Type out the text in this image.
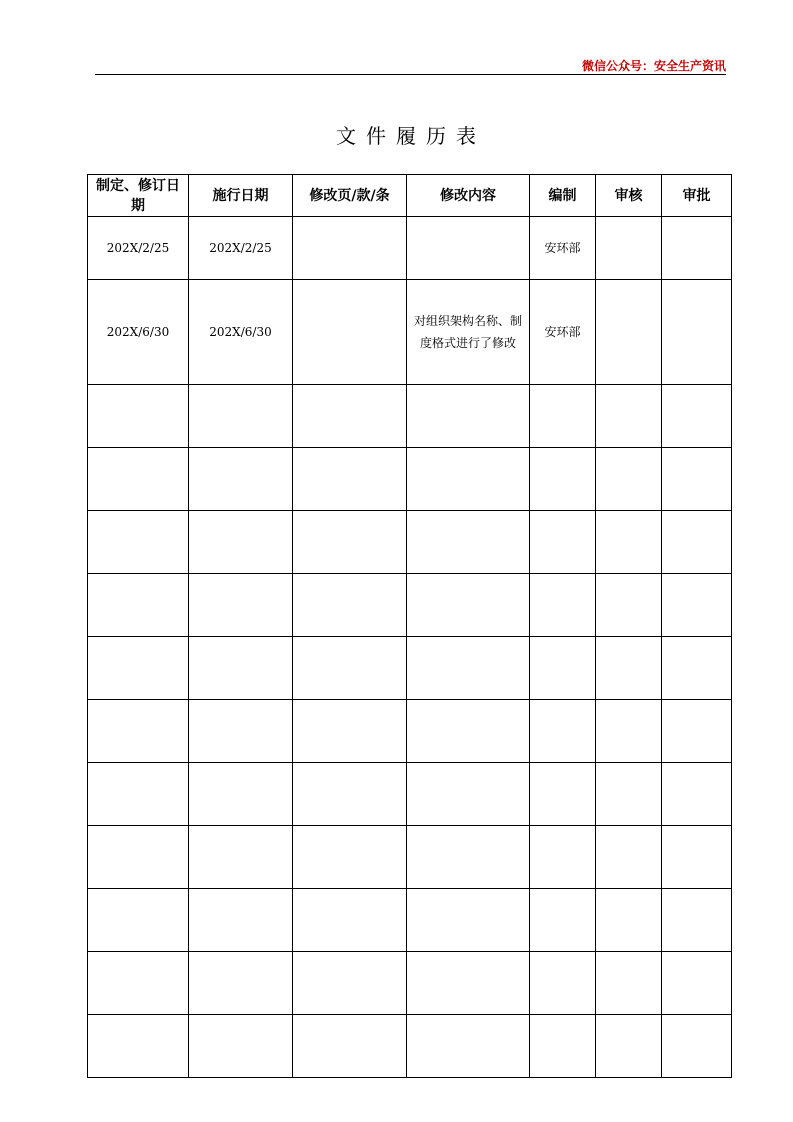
微信公众号：安全生产资讯
文件履历表
制定、修订日期	施行日期	修改页/款/条	修改内容	编制	审核	审批
202X/2/25	202X/2/25			安环部		
202X/6/30	202X/6/30		对组织架构名称、制度格式进行了修改	安环部		
